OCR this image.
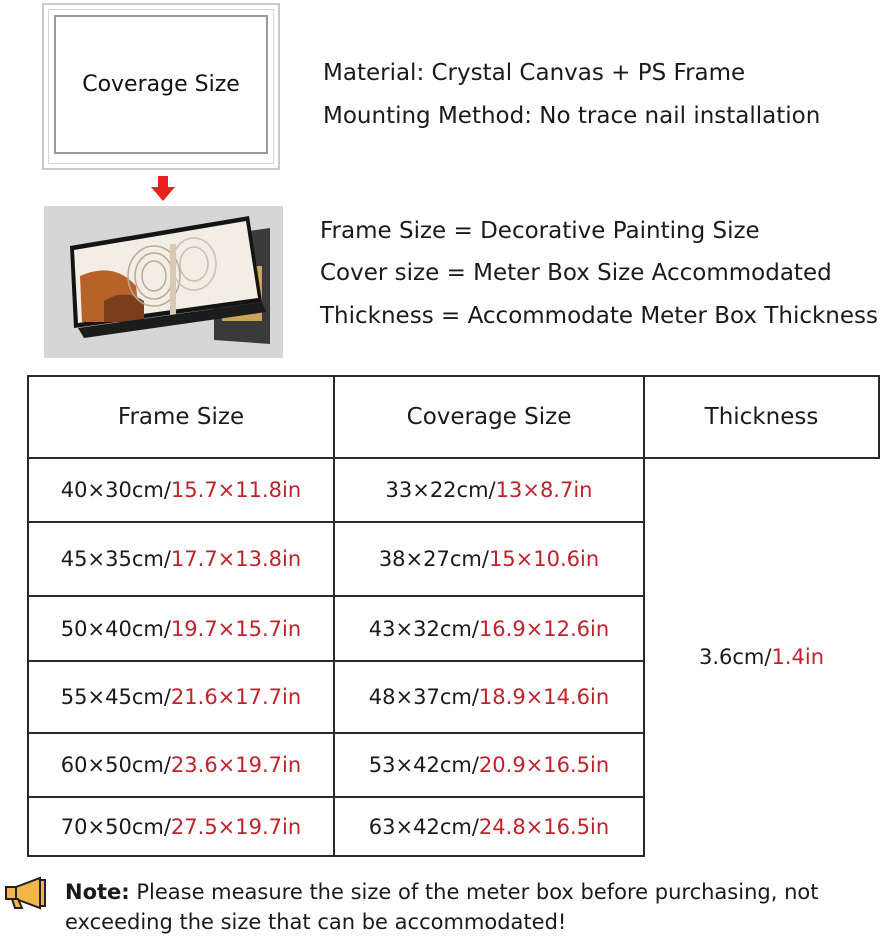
Coverage Size	Material: Crystal Canvas + PS Frame
Mounting Method: No trace nail installation
Frame Size = Decorative Painting Size
Cover size = Meter Box Size Accommodated
Thickness = Accommodate Meter Box Thickness
Frame Size	Coverage Size	Thickness
40×30cm/ 15.7×11.8in	33×22cm/ 13×8.7in
45×35cm/ 17.7×13.8in	38×27cm/ 15×10.6in
50×40cm/ 19.7×15.7in	43×32cm/ 16.9×12.6in
55×45cm/ 21.6×17.7in	48×37cm/ 18.9×14.6in
60×50cm/ 23.6×19.7in	53×42cm/ 20.9×16.5in
70×50cm/ 27.5×19.7in	63×42cm/ 24.8×16.5in
3.6cm/ 1.4in
Note: Please measure the size of the meter box before purchasing, not exceeding the size that can be accommodated!
